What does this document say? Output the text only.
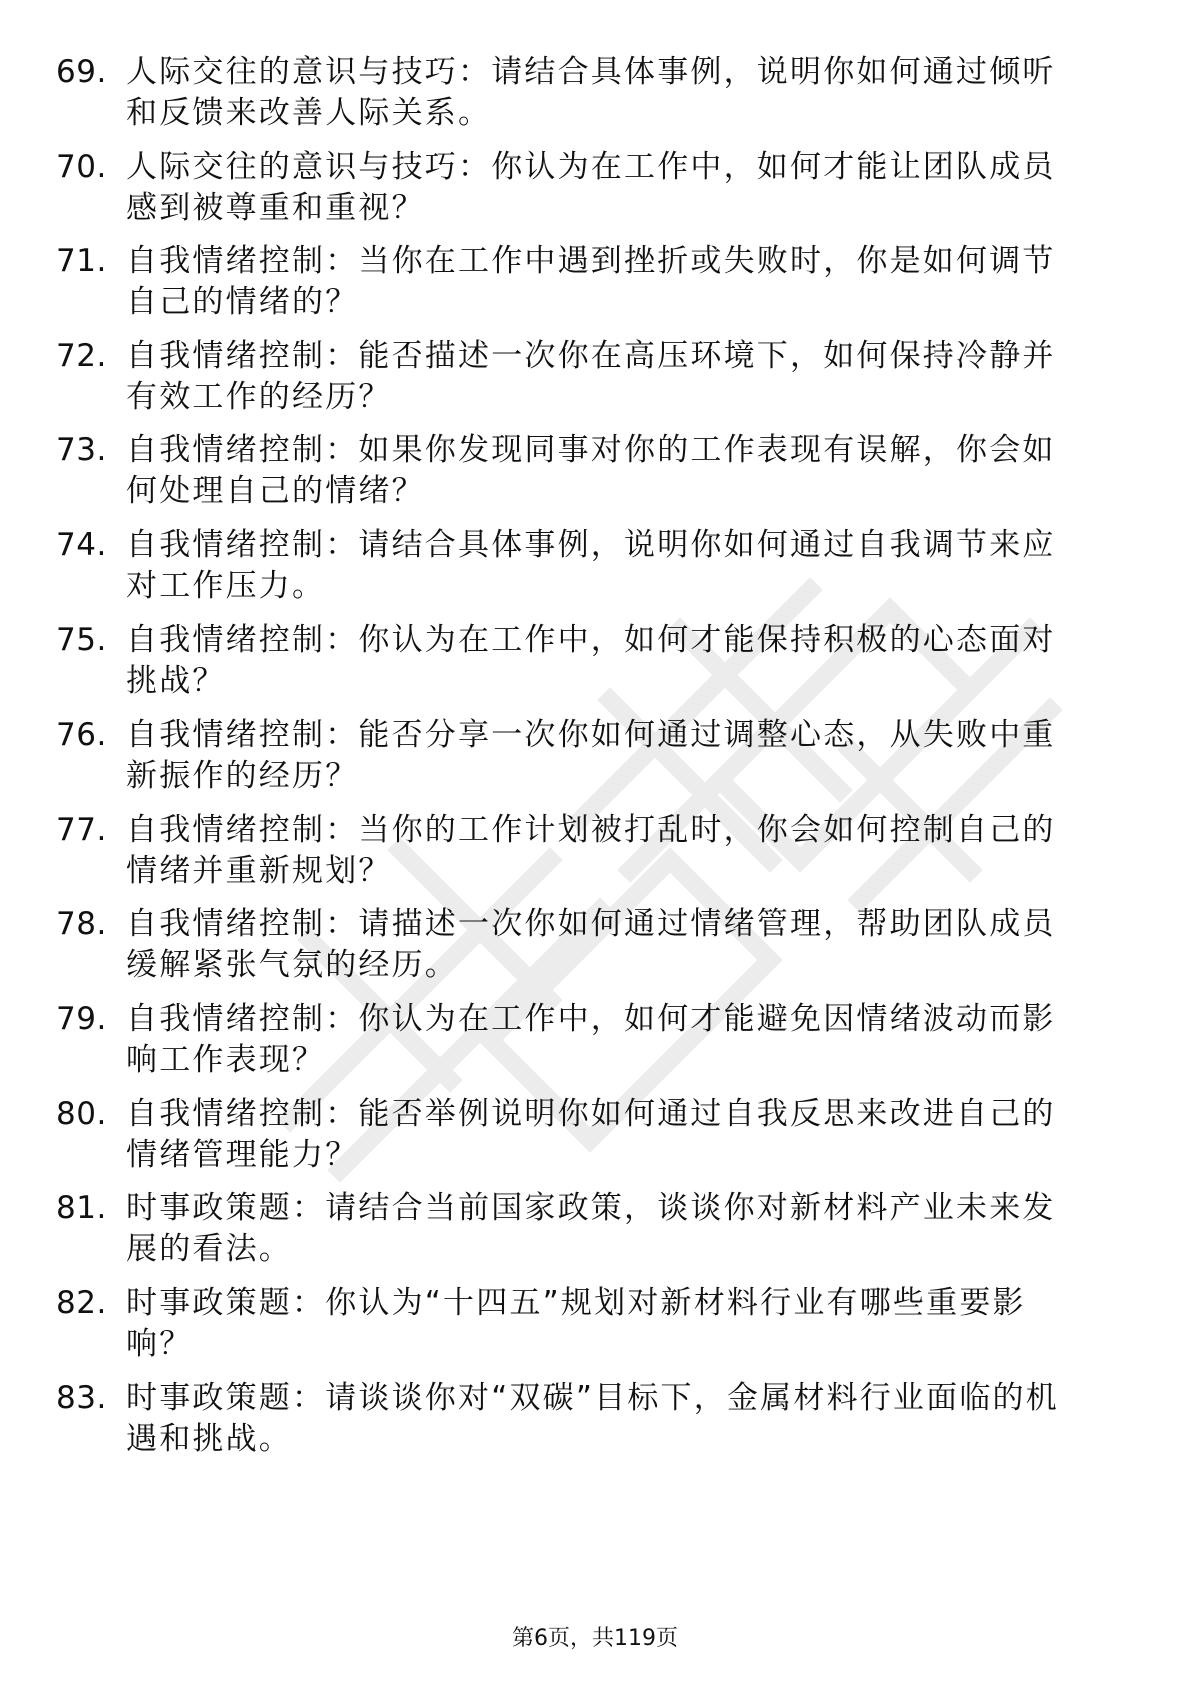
69. 人际交往的意识与技巧：请结合具体事例，说明你如何通过倾听
和反馈来改善人际关系。
70. 人际交往的意识与技巧：你认为在工作中，如何才能让团队成员
感到被尊重和重视？
71. 自我情绪控制：当你在工作中遇到挫折或失败时，你是如何调节
自己的情绪的？
72. 自我情绪控制：能否描述一次你在高压环境下，如何保持冷静并
有效工作的经历？
73. 自我情绪控制：如果你发现同事对你的工作表现有误解，你会如
何处理自己的情绪？
74. 自我情绪控制：请结合具体事例，说明你如何通过自我调节来应
对工作压力。
75. 自我情绪控制：你认为在工作中，如何才能保持积极的心态面对
挑战？
76. 自我情绪控制：能否分享一次你如何通过调整心态，从失败中重
新振作的经历？
77. 自我情绪控制：当你的工作计划被打乱时，你会如何控制自己的
情绪并重新规划？
78. 自我情绪控制：请描述一次你如何通过情绪管理，帮助团队成员
缓解紧张气氛的经历。
79. 自我情绪控制：你认为在工作中，如何才能避免因情绪波动而影
响工作表现？
80. 自我情绪控制：能否举例说明你如何通过自我反思来改进自己的
情绪管理能力？
81. 时事政策题：请结合当前国家政策，谈谈你对新材料产业未来发
展的看法。
82. 时事政策题：你认为“十四五”规划对新材料行业有哪些重要影
响？
83. 时事政策题：请谈谈你对“双碳”目标下，金属材料行业面临的机
遇和挑战。
第6页，共119页
